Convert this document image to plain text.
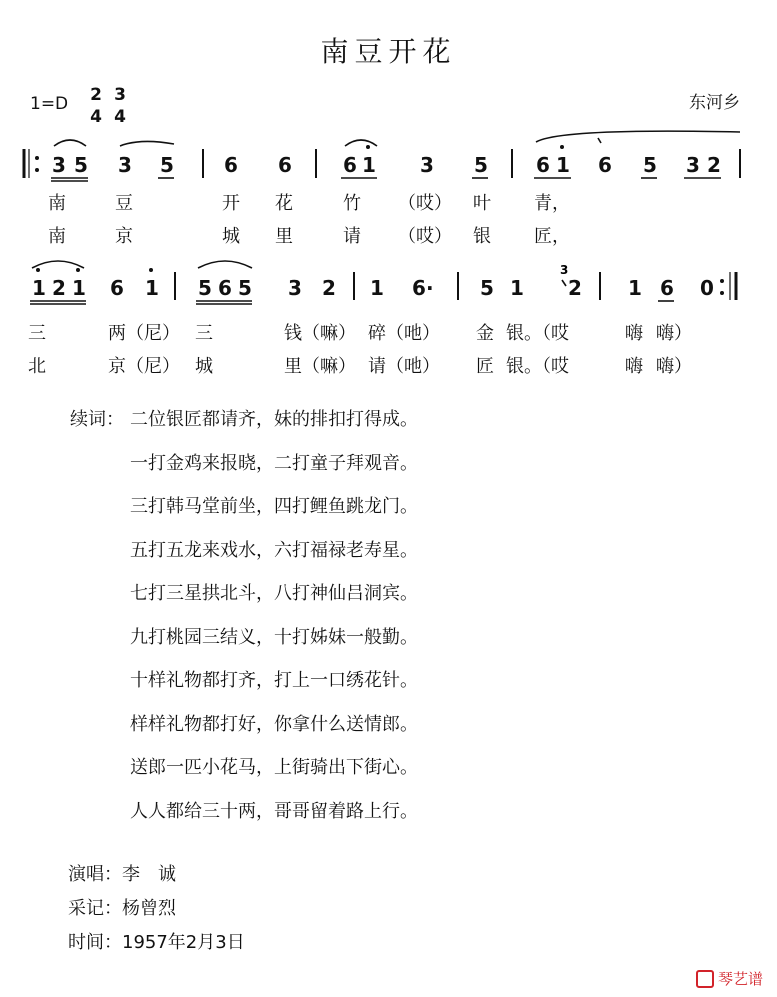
南豆开花
1=D 2
4
3
4
东河乡
3 5 3 5	6 6	6 1 3 5 6 1 6 5 3 2
1 2 1 6 1 5 6 5 3 2 1 6 · 5 1 2 1 6 0
3
南	豆	开 花	竹 （哎） 叶 青，
南	京	城 里	请 （哎） 银 匠，
三	两（尼） 三	钱（嘛） 碎（吔） 金 银。（哎	嗨 嗨）
北	京（尼） 城	里（嘛） 请（吔） 匠 银。（哎	嗨 嗨）
续词： 二位银匠都请齐，妹的排扣打得成。
一打金鸡来报晓，二打童子拜观音。
三打韩马堂前坐，四打鲤鱼跳龙门。
五打五龙来戏水，六打福禄老寿星。
七打三星拱北斗，八打神仙吕洞宾。
九打桃园三结义，十打姊妹一般勤。
十样礼物都打齐，打上一口绣花针。
样样礼物都打好，你拿什么送情郎。
送郎一匹小花马，上街骑出下街心。
人人都给三十两，哥哥留着路上行。
演唱：李　诚
采记：杨曾烈
时间：1957年2月3日
琴艺谱
